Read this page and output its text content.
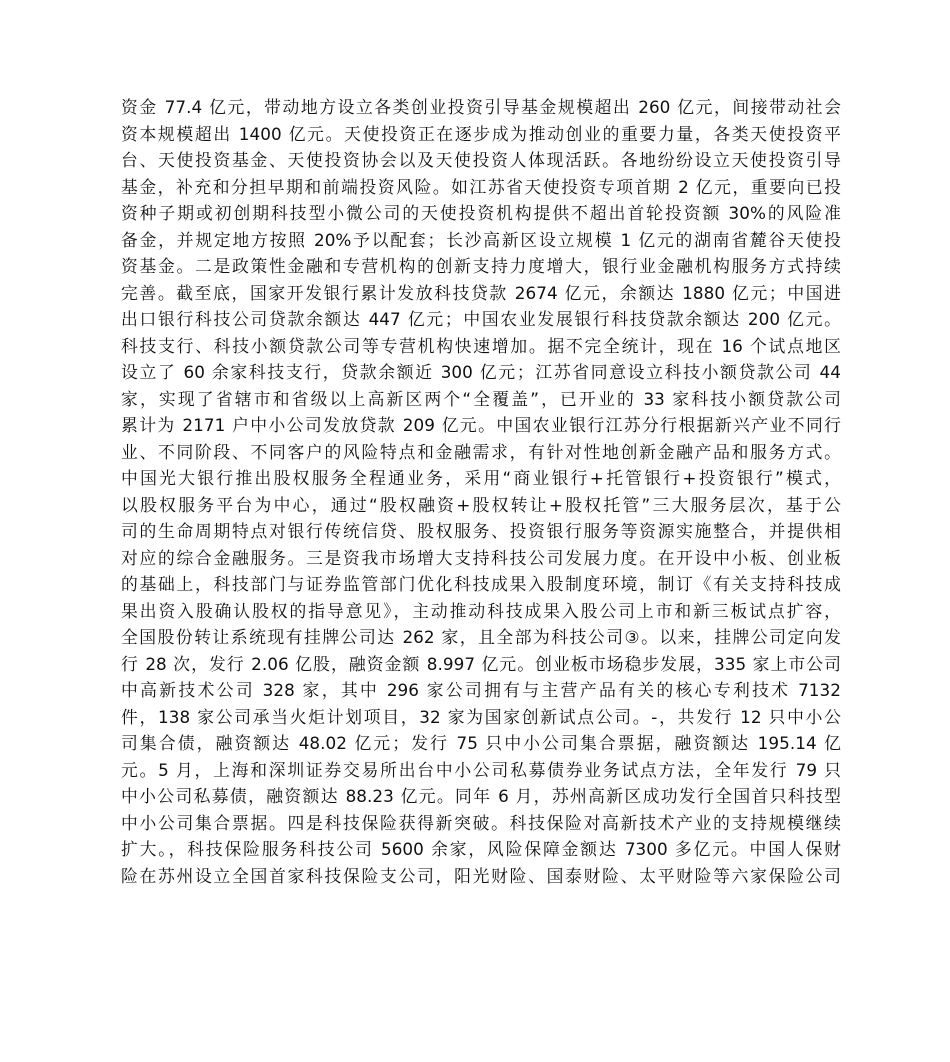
资金 77.4 亿元，带动地方设立各类创业投资引导基金规模超出 260 亿元，间接带动社会
资本规模超出 1400 亿元。天使投资正在逐步成为推动创业的重要力量，各类天使投资平
台、天使投资基金、天使投资协会以及天使投资人体现活跃。各地纷纷设立天使投资引导
基金，补充和分担早期和前端投资风险。如江苏省天使投资专项首期 2 亿元，重要向已投
资种子期或初创期科技型小微公司的天使投资机构提供不超出首轮投资额 30%的风险准
备金，并规定地方按照 20%予以配套；长沙高新区设立规模 1 亿元的湖南省麓谷天使投
资基金。二是政策性金融和专营机构的创新支持力度增大，银行业金融机构服务方式持续
完善。截至底，国家开发银行累计发放科技贷款 2674 亿元，余额达 1880 亿元；中国进
出口银行科技公司贷款余额达 447 亿元；中国农业发展银行科技贷款余额达 200 亿元。
科技支行、科技小额贷款公司等专营机构快速增加。据不完全统计，现在 16 个试点地区
设立了 60 余家科技支行，贷款余额近 300 亿元；江苏省同意设立科技小额贷款公司 44
家，实现了省辖市和省级以上高新区两个“全覆盖”，已开业的 33 家科技小额贷款公司
累计为 2171 户中小公司发放贷款 209 亿元。中国农业银行江苏分行根据新兴产业不同行
业、不同阶段、不同客户的风险特点和金融需求，有针对性地创新金融产品和服务方式。
中国光大银行推出股权服务全程通业务，采用“商业银行+托管银行+投资银行”模式，
以股权服务平台为中心，通过“股权融资+股权转让+股权托管”三大服务层次，基于公
司的生命周期特点对银行传统信贷、股权服务、投资银行服务等资源实施整合，并提供相
对应的综合金融服务。三是资我市场增大支持科技公司发展力度。在开设中小板、创业板
的基础上，科技部门与证券监管部门优化科技成果入股制度环境，制订《有关支持科技成
果出资入股确认股权的指导意见》，主动推动科技成果入股公司上市和新三板试点扩容，
全国股份转让系统现有挂牌公司达 262 家，且全部为科技公司③。以来，挂牌公司定向发
行 28 次，发行 2.06 亿股，融资金额 8.997 亿元。创业板市场稳步发展，335 家上市公司
中高新技术公司 328 家，其中 296 家公司拥有与主营产品有关的核心专利技术 7132
件，138 家公司承当火炬计划项目，32 家为国家创新试点公司。-，共发行 12 只中小公
司集合债，融资额达 48.02 亿元；发行 75 只中小公司集合票据，融资额达 195.14 亿
元。5 月，上海和深圳证券交易所出台中小公司私募债券业务试点方法，全年发行 79 只
中小公司私募债，融资额达 88.23 亿元。同年 6 月，苏州高新区成功发行全国首只科技型
中小公司集合票据。四是科技保险获得新突破。科技保险对高新技术产业的支持规模继续
扩大。，科技保险服务科技公司 5600 余家，风险保障金额达 7300 多亿元。中国人保财
险在苏州设立全国首家科技保险支公司，阳光财险、国泰财险、太平财险等六家保险公司
